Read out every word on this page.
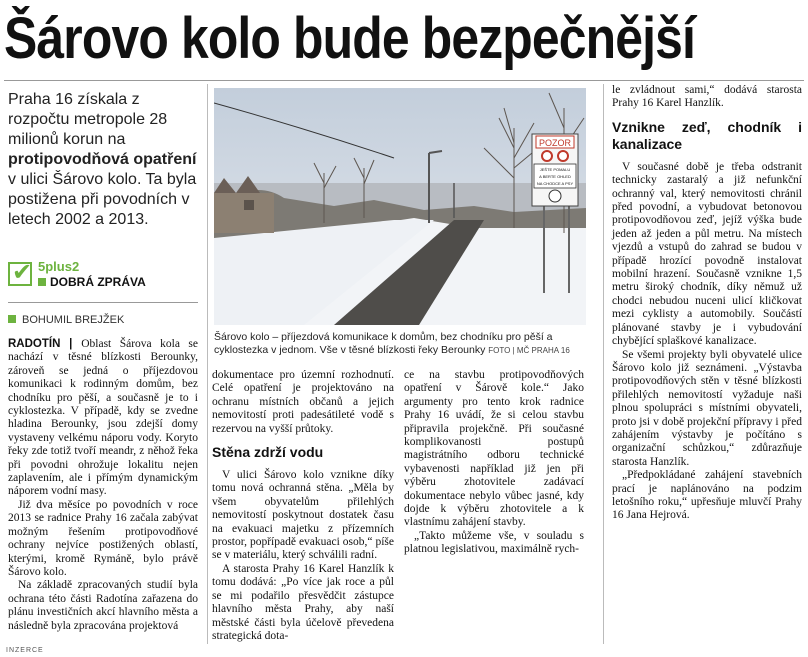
Šárovo kolo bude bezpečnější
Praha 16 získala z rozpočtu metropole 28 milionů korun na protipovodňová opatření v ulici Šárovo kolo. Ta byla postižena při povodních v letech 2002 a 2013.
✔ 5plus2
DOBRÁ ZPRÁVA
BOHUMIL BREJŽEK
POZOR
JEŠTE POMALU
A BERTE OHLED
NA CHODCE A PSY
Šárovo kolo – příjezdová komunikace k domům, bez chodníku pro pěší a cyklostezka v jednom. Vše v těsné blízkosti řeky Berounky FOTO | MČ PRAHA 16

RADOTÍN | Oblast Šárova kola se nachází v těsné blízkosti Berounky, zároveň se jedná o příjezdovou komunikaci k rodinným domům, bez chodníku pro pěší, a současně je to i cyklostezka. V případě, kdy se zvedne hladina Berounky, jsou zdejší domy vystaveny velkému náporu vody. Koryto řeky zde totiž tvoří meandr, z něhož řeka při povodni ohrožuje lokalitu nejen zaplavením, ale i přímým dynamickým náporem vodní masy.

Již dva měsíce po povodních v roce 2013 se radnice Prahy 16 začala zabývat možným řešením protipovodňové ochrany nejvíce postižených oblastí, kterými, kromě Rymáně, bylo právě Šárovo kolo.

Na základě zpracovaných studií byla ochrana této části Radotína zařazena do plánu investičních akcí hlavního města a následně byla zpracována projektová

dokumentace pro územní rozhodnutí. Celé opatření je projektováno na ochranu místních občanů a jejich nemovitostí proti padesátileté vodě s rezervou na vyšší průtoky.

Stěna zdrží vodu

V ulici Šárovo kolo vznikne díky tomu nová ochranná stěna. „Měla by všem obyvatelům přilehlých nemovitostí poskytnout dostatek času na evakuaci majetku z přízemních prostor, popřípadě evakuaci osob,“ píše se v materiálu, který schválili radní.

A starosta Prahy 16 Karel Hanzlík k tomu dodává: „Po více jak roce a půl se mi podařilo přesvědčit zástupce hlavního města Prahy, aby naší městské části byla účelově převedena strategická dota-

ce na stavbu protipovodňových opatření v Šárově kole.“ Jako argumenty pro tento krok radnice Prahy 16 uvádí, že si celou stavbu připravila projekčně. Při současné komplikovanosti postupů magistrátního odboru technické vybavenosti například již jen při výběru zhotovitele zadávací dokumentace nebylo vůbec jasné, kdy dojde k výběru zhotovitele a k vlastnímu zahájení stavby.

„Takto můžeme vše, v souladu s platnou legislativou, maximálně rych-

le zvládnout sami,“ dodává starosta Prahy 16 Karel Hanzlík.

Vznikne zeď, chodník i kanalizace

V současné době je třeba odstranit technicky zastaralý a již nefunkční ochranný val, který nemovitosti chránil před povodní, a vybudovat betonovou protipovodňovou zeď, jejíž výška bude jeden až jeden a půl metru. Na místech vjezdů a vstupů do zahrad se budou v případě hrozící povodně instalovat mobilní hrazení. Současně vznikne 1,5 metru široký chodník, díky němuž už chodci nebudou nuceni ulicí kličkovat mezi cyklisty a automobily. Součástí plánované stavby je i vybudování chybějící splaškové kanalizace.

Se všemi projekty byli obyvatelé ulice Šárovo kolo již seznámeni. „Výstavba protipovodňových stěn v těsné blízkosti přilehlých nemovitostí vyžaduje naši plnou spolupráci s místními obyvateli, proto jsi v době projekční přípravy i před zahájením výstavby je počítáno s organizační schůzkou,“ zdůrazňuje starosta Hanzlík.

„Předpokládané zahájení stavebních prací je naplánováno na podzim letošního roku,“ upřesňuje mluvčí Prahy 16 Jana Hejrová.

INZERCE
